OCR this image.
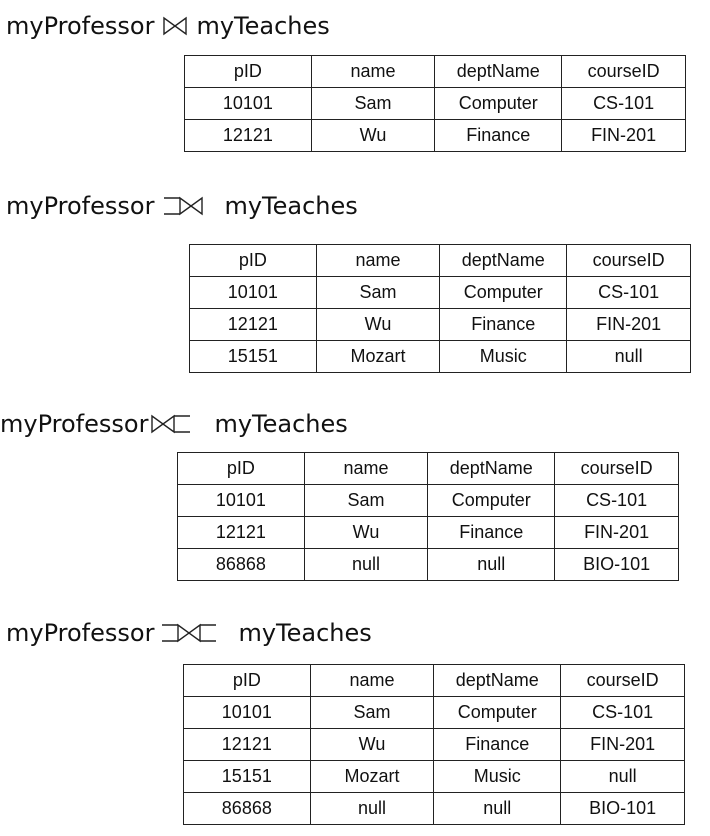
myProfessor myTeaches
pID	name	deptName	courseID
10101	Sam	Computer	CS-101
12121	Wu	Finance	FIN-201
myProfessor	myTeaches
pID	name	deptName	courseID
10101	Sam	Computer	CS-101
12121	Wu	Finance	FIN-201
15151	Mozart	Music	null
myProfessor	myTeaches
pID	name	deptName	courseID
10101	Sam	Computer	CS-101
12121	Wu	Finance	FIN-201
86868	null	null	BIO-101
myProfessor	myTeaches
pID	name	deptName	courseID
10101	Sam	Computer	CS-101
12121	Wu	Finance	FIN-201
15151	Mozart	Music	null
86868	null	null	BIO-101
